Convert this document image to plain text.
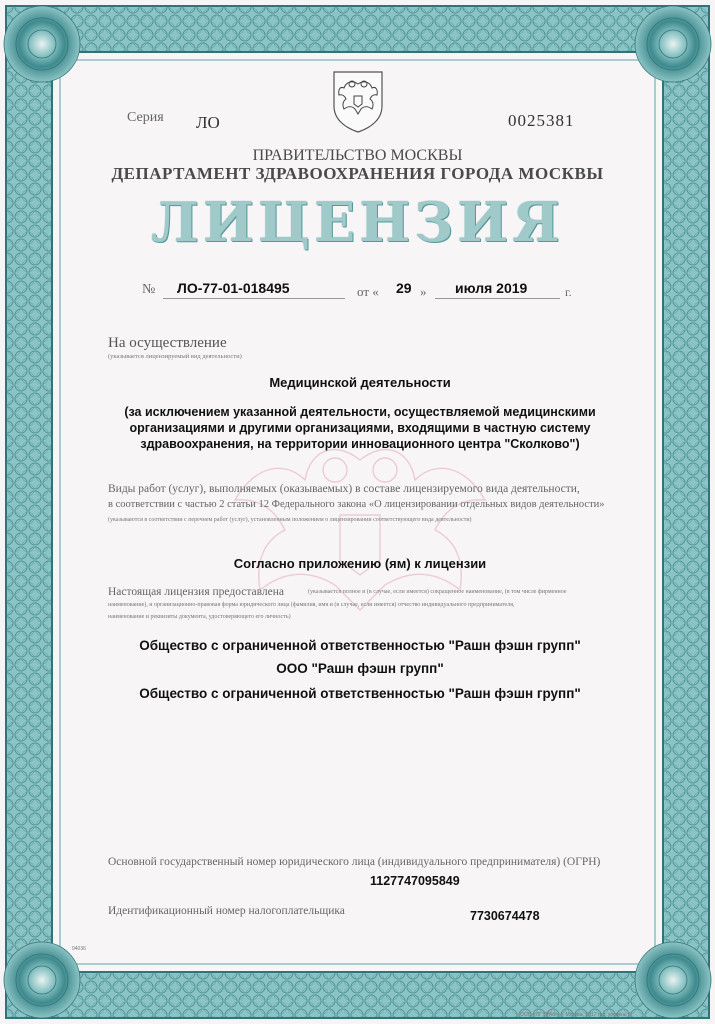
Серия ЛО	0025381
ПРАВИТЕЛЬСТВО МОСКВЫ
ДЕПАРТАМЕНТ ЗДРАВООХРАНЕНИЯ ГОРОДА МОСКВЫ
ЛИЦЕНЗИЯ
№ ЛО-77-01-018495	от « 29 » июля 2019	г.
На осуществление
(указывается лицензируемый вид деятельности)
Медицинской деятельности
(за исключением указанной деятельности, осуществляемой медицинскими организациями и другими организациями, входящими в частную систему здравоохранения, на территории инновационного центра "Сколково")
Виды работ (услуг), выполняемых (оказываемых) в составе лицензируемого вида деятельности,
в соответствии с частью 2 статьи 12 Федерального закона «О лицензировании отдельных видов деятельности»
(указываются в соответствии с перечнем работ (услуг), установленным положением о лицензировании соответствующего вида деятельности)
Согласно приложению (ям) к лицензии
Настоящая лицензия предоставлена	(указывается полное и (в случае, если имеется) сокращенное наименование, (в том числе фирменное
наименование), и организационно-правовая форма юридического лица (фамилия, имя и (в случае, если имеется) отчество индивидуального предпринимателя,
наименование и реквизиты документа, удостоверяющего его личность)
Общество с ограниченной ответственностью "Рашн фэшн групп"
ООО "Рашн фэшн групп"
Общество с ограниченной ответственностью "Рашн фэшн групп"
Основной государственный номер юридического лица (индивидуального предпринимателя) (ОГРН)
1127747095849
Идентификационный номер налогоплательщика	7730674478
94036
ООО «ЛГ ГРАФ», г. Москва, 2017 год, уровень Б
